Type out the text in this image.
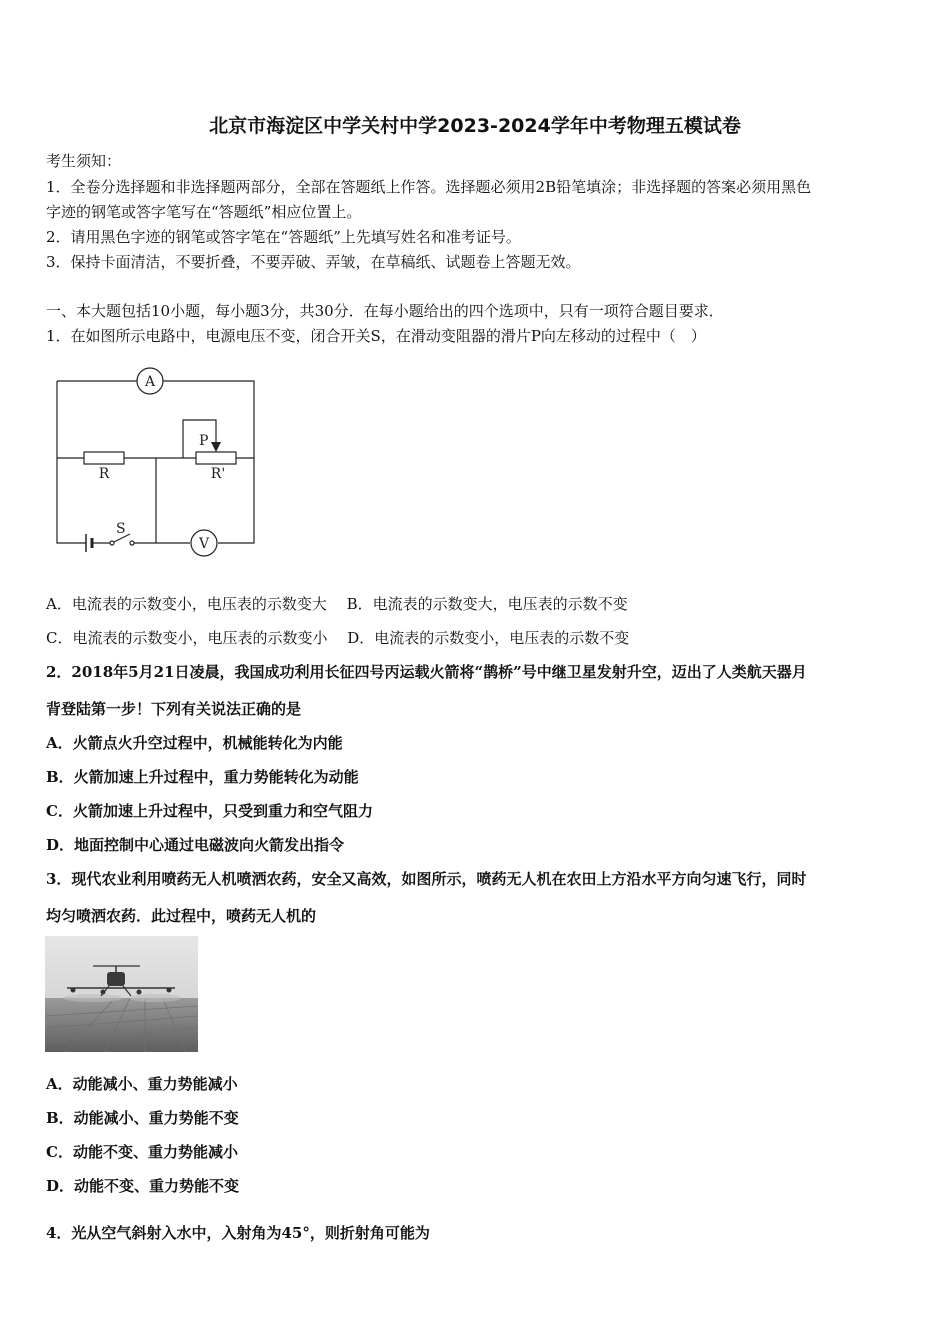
北京市海淀区中学关村中学2023-2024学年中考物理五模试卷
考生须知：
1．全卷分选择题和非选择题两部分，全部在答题纸上作答。选择题必须用2B铅笔填涂；非选择题的答案必须用黑色
字迹的钢笔或答字笔写在“答题纸”相应位置上。
2．请用黑色字迹的钢笔或答字笔在“答题纸”上先填写姓名和准考证号。
3．保持卡面清洁，不要折叠，不要弄破、弄皱，在草稿纸、试题卷上答题无效。
一、本大题包括10小题，每小题3分，共30分．在每小题给出的四个选项中，只有一项符合题目要求．
1．在如图所示电路中，电源电压不变，闭合开关S，在滑动变阻器的滑片P向左移动的过程中（　）
A
S
V
R	R'
P
A．电流表的示数变小，电压表的示数变大　 B．电流表的示数变大，电压表的示数不变
C．电流表的示数变小，电压表的示数变小　 D．电流表的示数变小，电压表的示数不变
2．2018年5月21日凌晨，我国成功利用长征四号丙运载火箭将“鹊桥”号中继卫星发射升空，迈出了人类航天器月
背登陆第一步！下列有关说法正确的是
A．火箭点火升空过程中，机械能转化为内能
B．火箭加速上升过程中，重力势能转化为动能
C．火箭加速上升过程中，只受到重力和空气阻力
D．地面控制中心通过电磁波向火箭发出指令
3．现代农业利用喷药无人机喷洒农药，安全又高效，如图所示，喷药无人机在农田上方沿水平方向匀速飞行，同时
均匀喷洒农药．此过程中，喷药无人机的
A．动能减小、重力势能减小
B．动能减小、重力势能不变
C．动能不变、重力势能减小
D．动能不变、重力势能不变
4．光从空气斜射入水中，入射角为45°，则折射角可能为
